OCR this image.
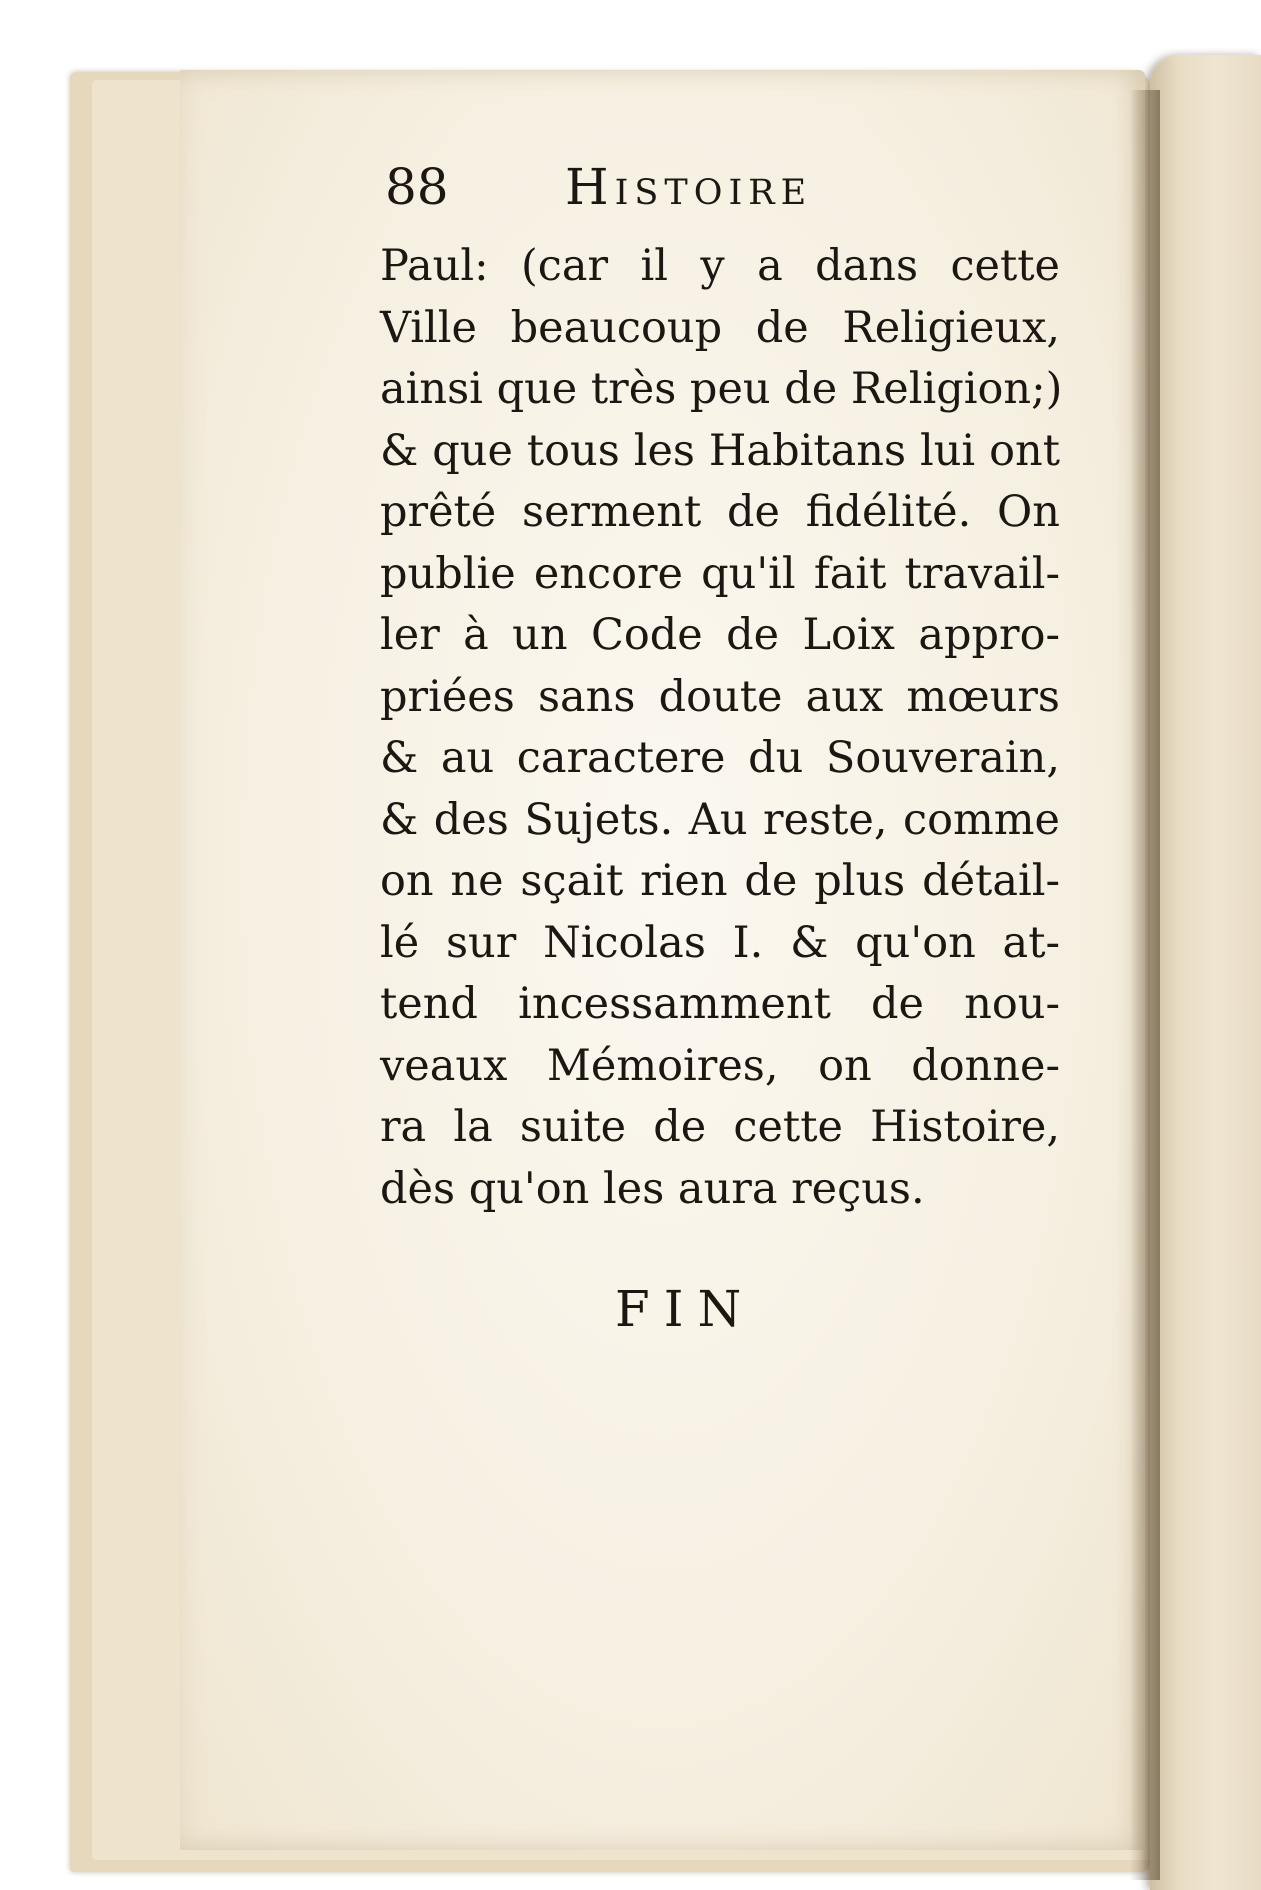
88 Histoire
Paul: (car il y a dans cette
Ville beaucoup de Religieux,
ainsi que très peu de Religion;)
& que tous les Habitans lui ont
prêté serment de fidélité. On
publie encore qu'il fait travail-
ler à un Code de Loix appro-
priées sans doute aux mœurs
& au caractere du Souverain,
& des Sujets. Au reste, comme
on ne sçait rien de plus détail-
lé sur Nicolas I. & qu'on at-
tend incessamment de nou-
veaux Mémoires, on donne-
ra la suite de cette Histoire,
dès qu'on les aura reçus.
FIN
